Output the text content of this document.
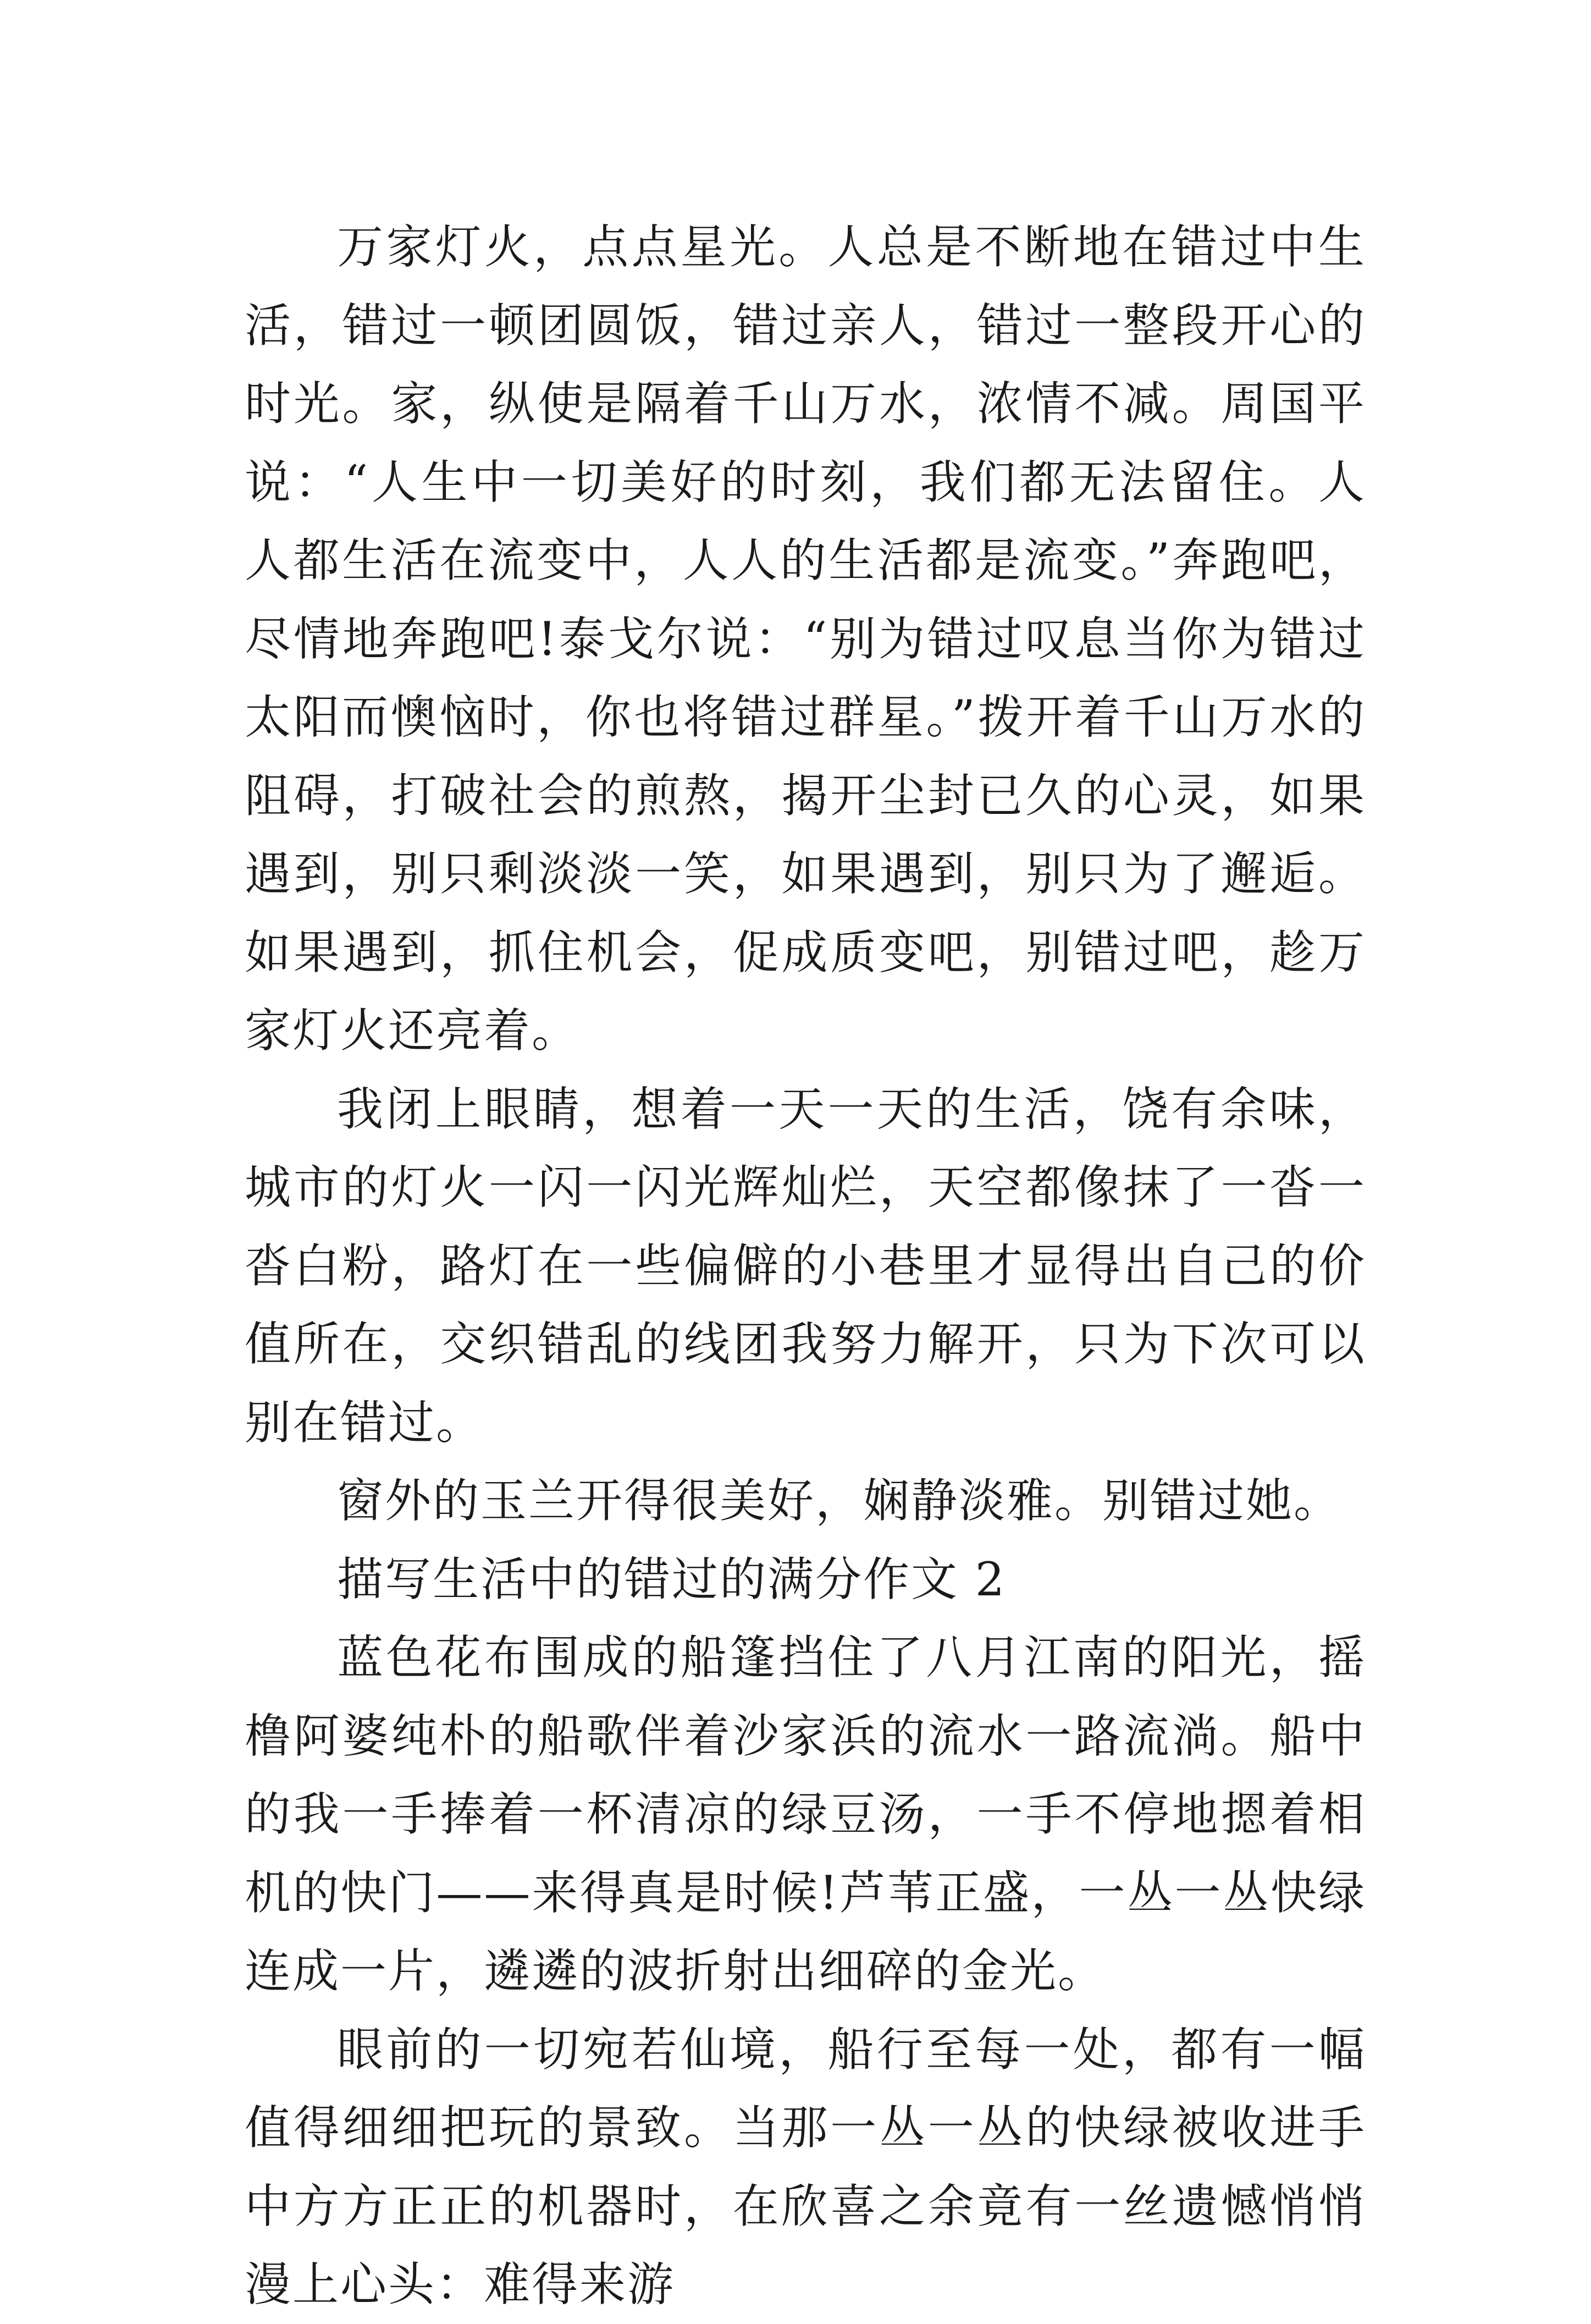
万家灯火，点点星光。人总是不断地在错过中生活，错过一顿团圆饭，错过亲人，错过一整段开心的时光。家，纵使是隔着千山万水，浓情不减。周国平说：“人生中一切美好的时刻，我们都无法留住。人人都生活在流变中，人人的生活都是流变。”奔跑吧，尽情地奔跑吧!泰戈尔说：“别为错过叹息当你为错过太阳而懊恼时，你也将错过群星。”拨开着千山万水的阻碍，打破社会的煎熬，揭开尘封已久的心灵，如果遇到，别只剩淡淡一笑，如果遇到，别只为了邂逅。如果遇到，抓住机会，促成质变吧，别错过吧，趁万家灯火还亮着。

我闭上眼睛，想着一天一天的生活，饶有余味，城市的灯火一闪一闪光辉灿烂，天空都像抹了一沓一沓白粉，路灯在一些偏僻的小巷里才显得出自己的价值所在，交织错乱的线团我努力解开，只为下次可以别在错过。

窗外的玉兰开得很美好，娴静淡雅。别错过她。

描写生活中的错过的满分作文 2

蓝色花布围成的船篷挡住了八月江南的阳光，摇橹阿婆纯朴的船歌伴着沙家浜的流水一路流淌。船中的我一手捧着一杯清凉的绿豆汤，一手不停地摁着相机的快门——来得真是时候!芦苇正盛，一丛一丛快绿连成一片，遴遴的波折射出细碎的金光。

眼前的一切宛若仙境，船行至每一处，都有一幅值得细细把玩的景致。当那一丛一丛的快绿被收进手中方方正正的机器时，在欣喜之余竟有一丝遗憾悄悄漫上心头：难得来游
